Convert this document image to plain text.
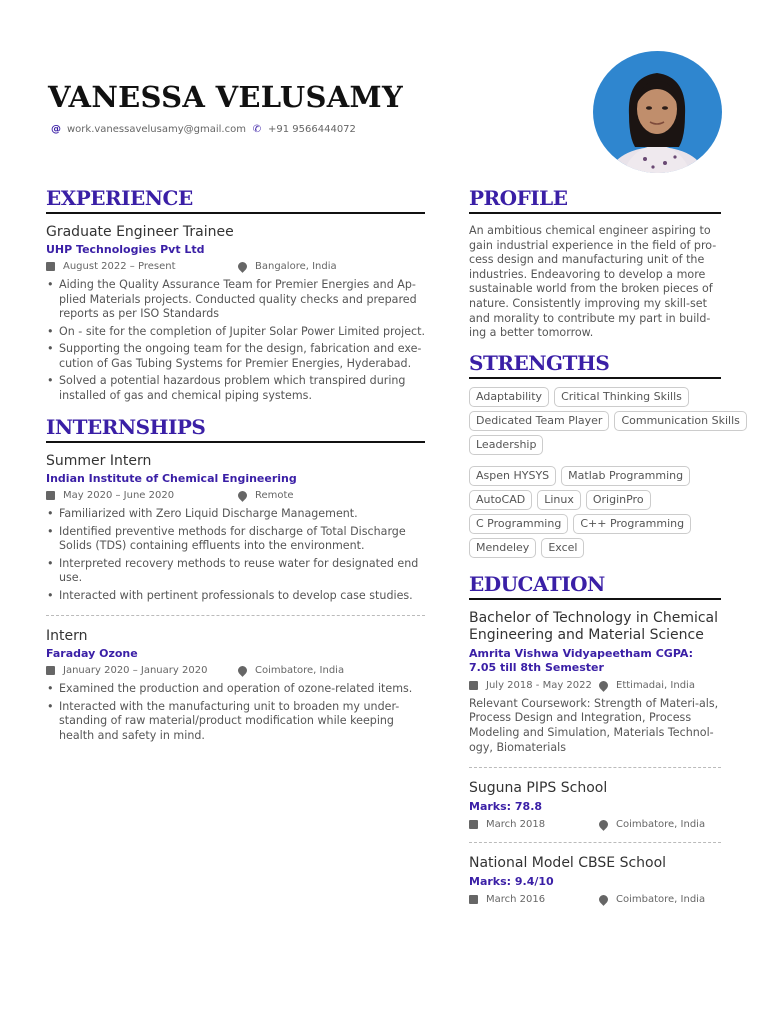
VANESSA VELUSAMY
@ work.vanessavelusamy@gmail.com ✆ +91 9566444072
EXPERIENCE
Graduate Engineer Trainee
UHP Technologies Pvt Ltd
August 2022 – Present	Bangalore, India
• Aiding the Quality Assurance Team for Premier Energies and Ap-plied Materials projects. Conducted quality checks and prepared reports as per ISO Standards
• On - site for the completion of Jupiter Solar Power Limited project.
• Supporting the ongoing team for the design, fabrication and exe-cution of Gas Tubing Systems for Premier Energies, Hyderabad.
• Solved a potential hazardous problem which transpired during installed of gas and chemical piping systems.
INTERNSHIPS
Summer Intern
Indian Institute of Chemical Engineering
May 2020 – June 2020	Remote
• Familiarized with Zero Liquid Discharge Management.
• Identified preventive methods for discharge of Total Discharge Solids (TDS) containing effluents into the environment.
• Interpreted recovery methods to reuse water for designated end use.
• Interacted with pertinent professionals to develop case studies.
Intern
Faraday Ozone
January 2020 – January 2020	Coimbatore, India
• Examined the production and operation of ozone-related items.
• Interacted with the manufacturing unit to broaden my under-standing of raw material/product modification while keeping health and safety in mind.
PROFILE
An ambitious chemical engineer aspiring to gain industrial experience in the field of pro-cess design and manufacturing unit of the industries. Endeavoring to develop a more sustainable world from the broken pieces of nature. Consistently improving my skill-set and morality to contribute my part in build-ing a better tomorrow.
STRENGTHS
Adaptability	Critical Thinking Skills
Dedicated Team Player	Communication Skills
Leadership
Aspen HYSYS	Matlab Programming
AutoCAD	Linux	OriginPro
C Programming	C++ Programming
Mendeley	Excel
EDUCATION
Bachelor of Technology in Chemical Engineering and Material Science
Amrita Vishwa Vidyapeetham CGPA: 7.05 till 8th Semester
July 2018 - May 2022 Ettimadai, India
Relevant Coursework: Strength of Materi-als, Process Design and Integration, Process Modeling and Simulation, Materials Technol-ogy, Biomaterials
Suguna PIPS School
Marks: 78.8
March 2018	Coimbatore, India
National Model CBSE School
Marks: 9.4/10
March 2016	Coimbatore, India
